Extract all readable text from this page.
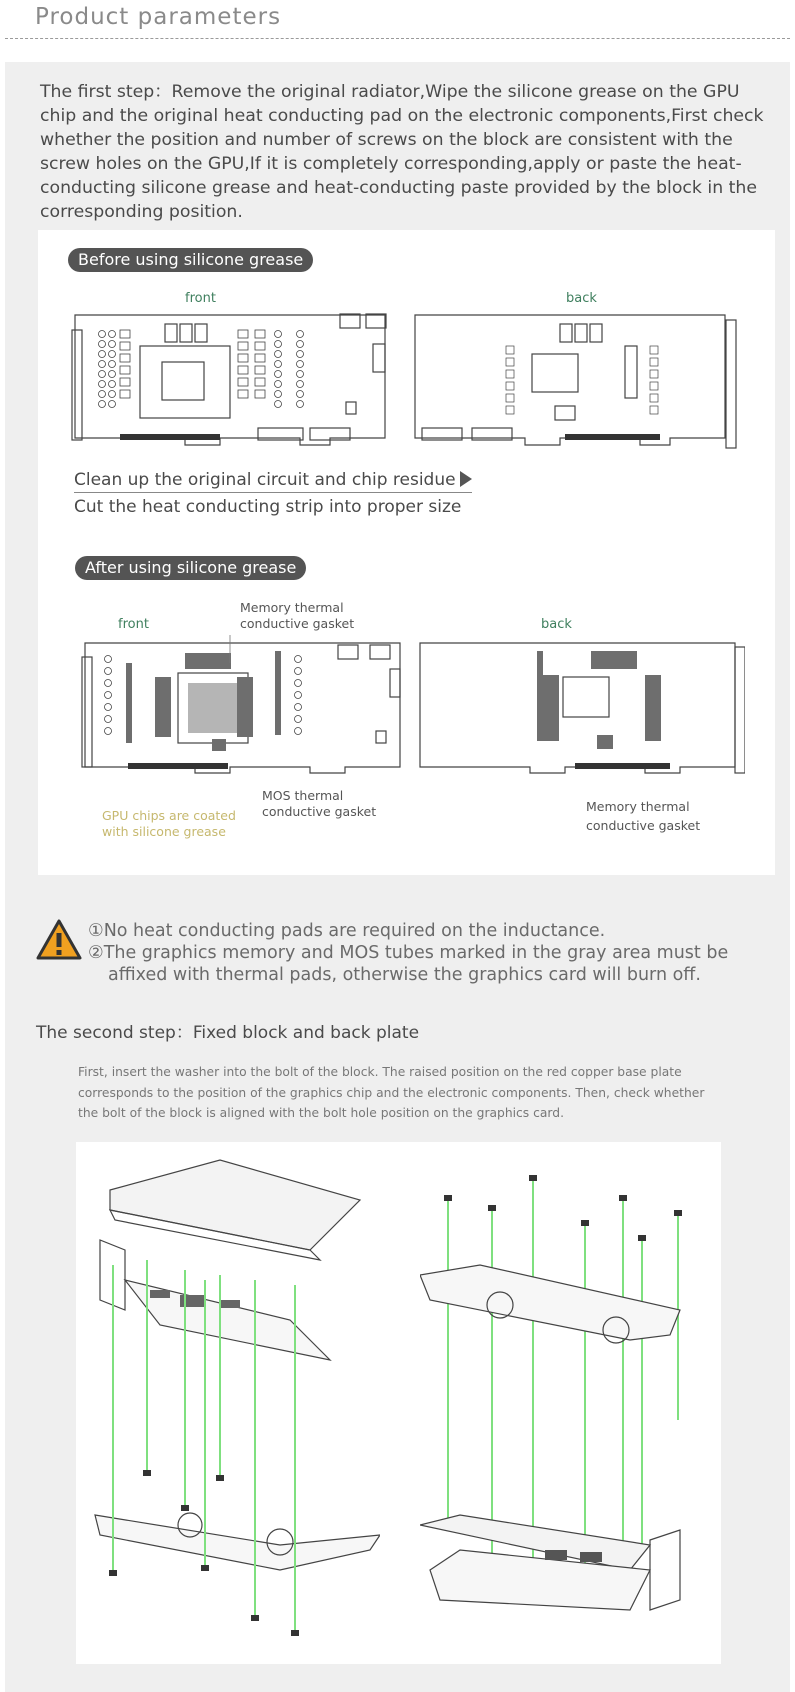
Product parameters
The first step：Remove the original radiator,Wipe the silicone grease on the GPU chip and the original heat conducting pad on the electronic components,First check whether the position and number of screws on the block are consistent with the screw holes on the GPU,If it is completely corresponding,apply or paste the heat-conducting silicone grease and heat-conducting paste provided by the block in the corresponding position.
Before using silicone grease
front	back
Clean up the original circuit and chip residue
Cut the heat conducting strip into proper size
After using silicone grease
front	back
Memory thermal
conductive gasket
GPU chips are coated
with silicone grease
MOS thermal
conductive gasket	Memory thermal
conductive gasket
①No heat conducting pads are required on the inductance.
②The graphics memory and MOS tubes marked in the gray area must be
affixed with thermal pads, otherwise the graphics card will burn off.
The second step：Fixed block and back plate
First, insert the washer into the bolt of the block. The raised position on the red copper base plate corresponds to the position of the graphics chip and the electronic components. Then, check whether the bolt of the block is aligned with the bolt hole position on the graphics card.
